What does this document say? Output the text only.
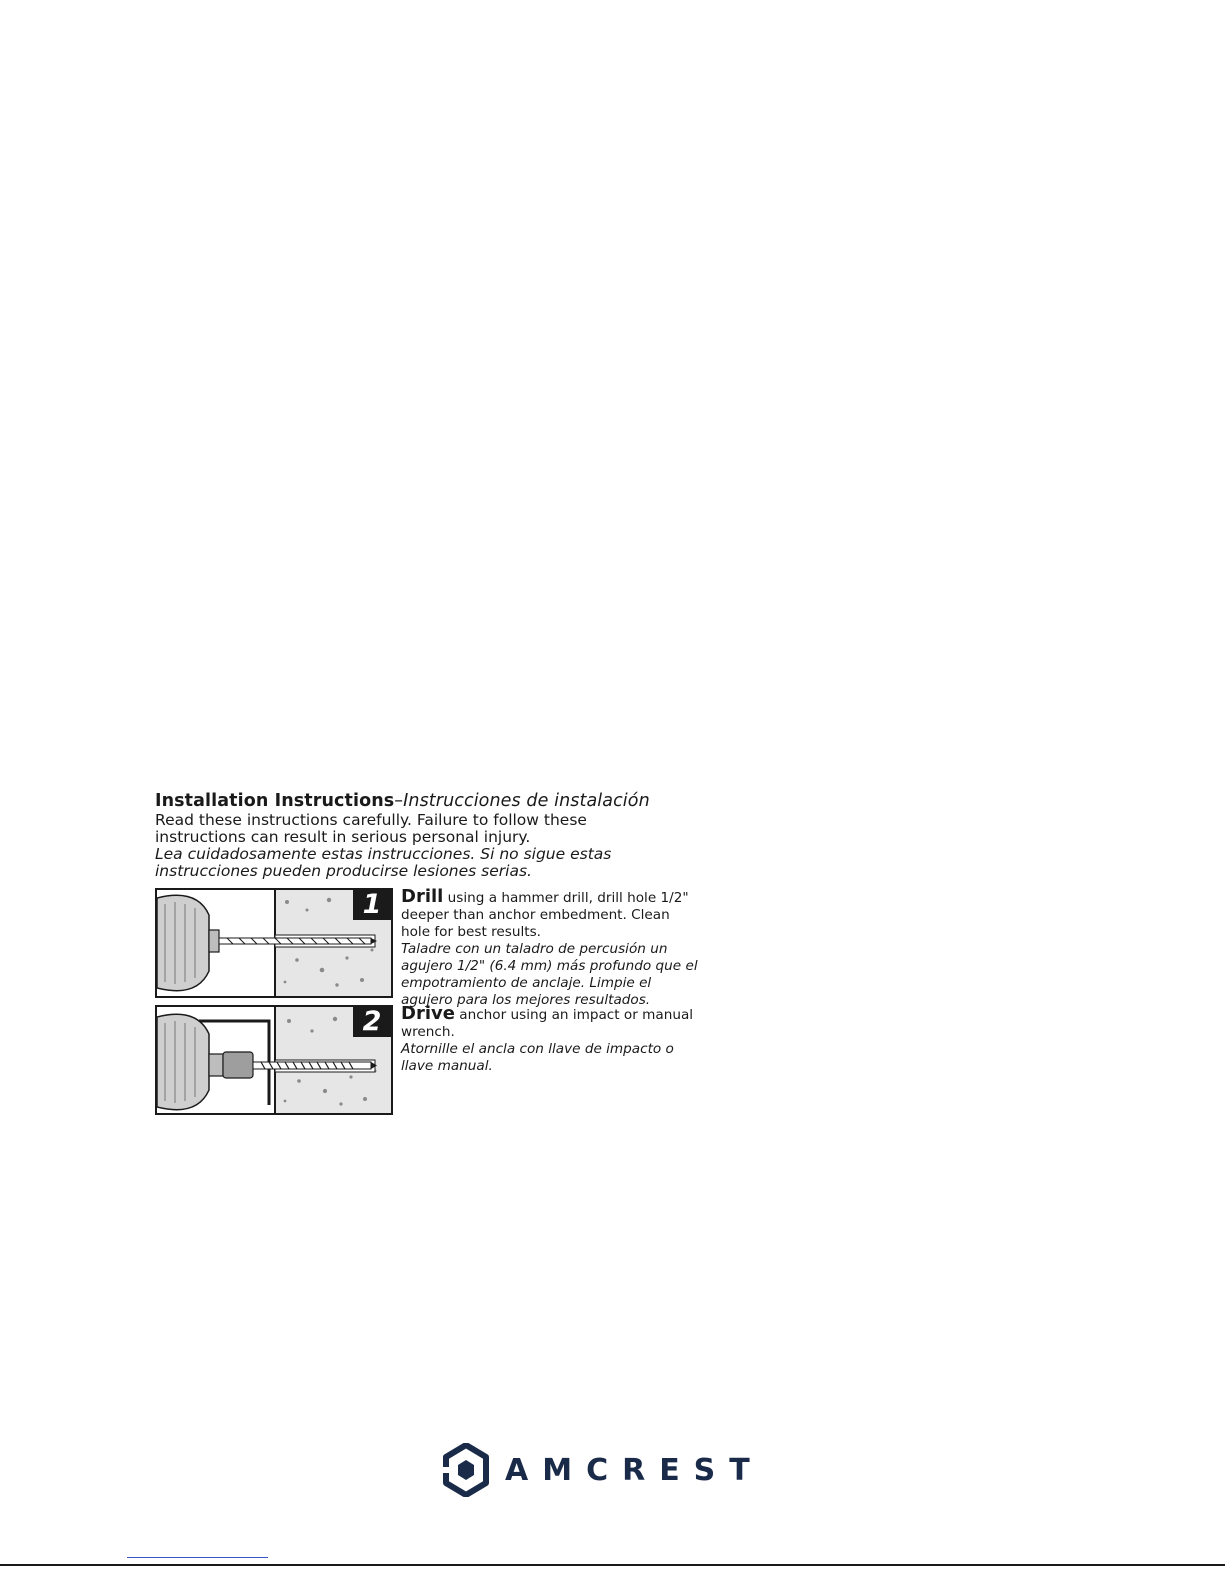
Installation Instructions–Instrucciones de instalación
Read these instructions carefully. Failure to follow these
instructions can result in serious personal injury.
Lea cuidadosamente estas instrucciones. Si no sigue estas
instrucciones pueden producirse lesiones serias.
1	Drill using a hammer drill, drill hole 1/2"
deeper than anchor embedment. Clean
hole for best results.
Taladre con un taladro de percusión un
agujero 1/2" (6.4 mm) más profundo que el
empotramiento de anclaje. Limpie el
agujero para los mejores resultados.
2	Drive anchor using an impact or manual
wrench.
Atornille el ancla con llave de impacto o
llave manual.
AMCREST
